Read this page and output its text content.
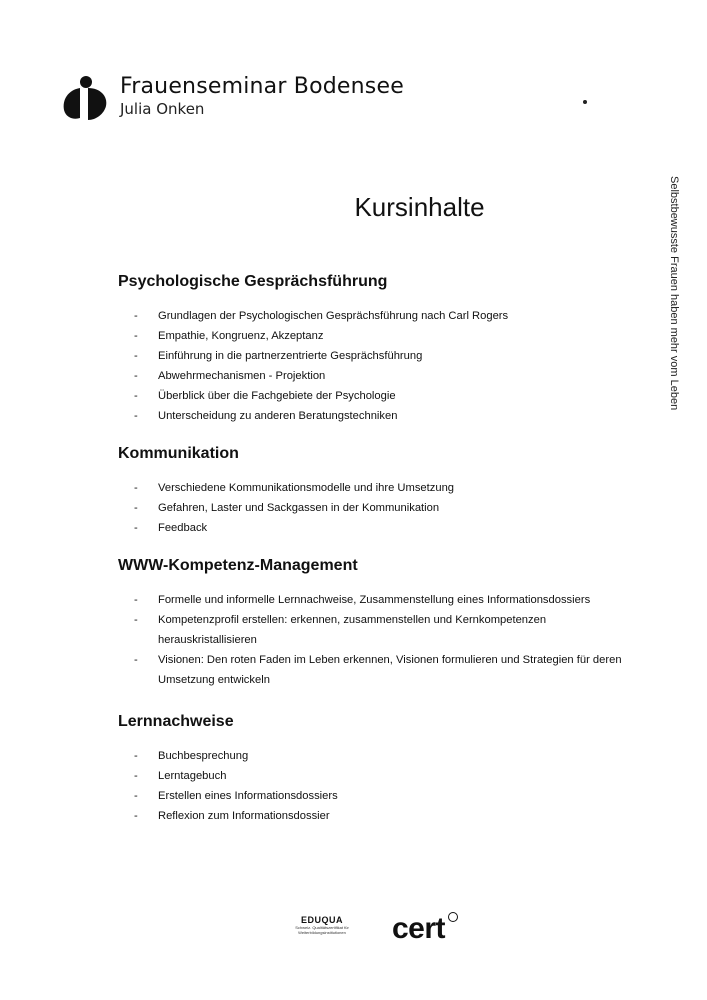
Frauenseminar Bodensee
Julia Onken
Selbstbewusste Frauen haben mehr vom Leben
Kursinhalte
Psychologische Gesprächsführung
- Grundlagen der Psychologischen Gesprächsführung nach Carl Rogers
- Empathie, Kongruenz, Akzeptanz
- Einführung in die partnerzentrierte Gesprächsführung
- Abwehrmechanismen - Projektion
- Überblick über die Fachgebiete der Psychologie
- Unterscheidung zu anderen Beratungstechniken
Kommunikation
- Verschiedene Kommunikationsmodelle und ihre Umsetzung
- Gefahren, Laster und Sackgassen in der Kommunikation
- Feedback
WWW-Kompetenz-Management
- Formelle und informelle Lernnachweise, Zusammenstellung eines Informationsdossiers
- Kompetenzprofil erstellen: erkennen, zusammenstellen und Kernkompetenzen herauskristallisieren
- Visionen: Den roten Faden im Leben erkennen, Visionen formulieren und Strategien für deren Umsetzung entwickeln
Lernnachweise
- Buchbesprechung
- Lerntagebuch
- Erstellen eines Informationsdossiers
- Reflexion zum Informationsdossier
EDUQUA
Schweiz. Qualitätszertifikat für Weiterbildungsinstitutionen	cert
